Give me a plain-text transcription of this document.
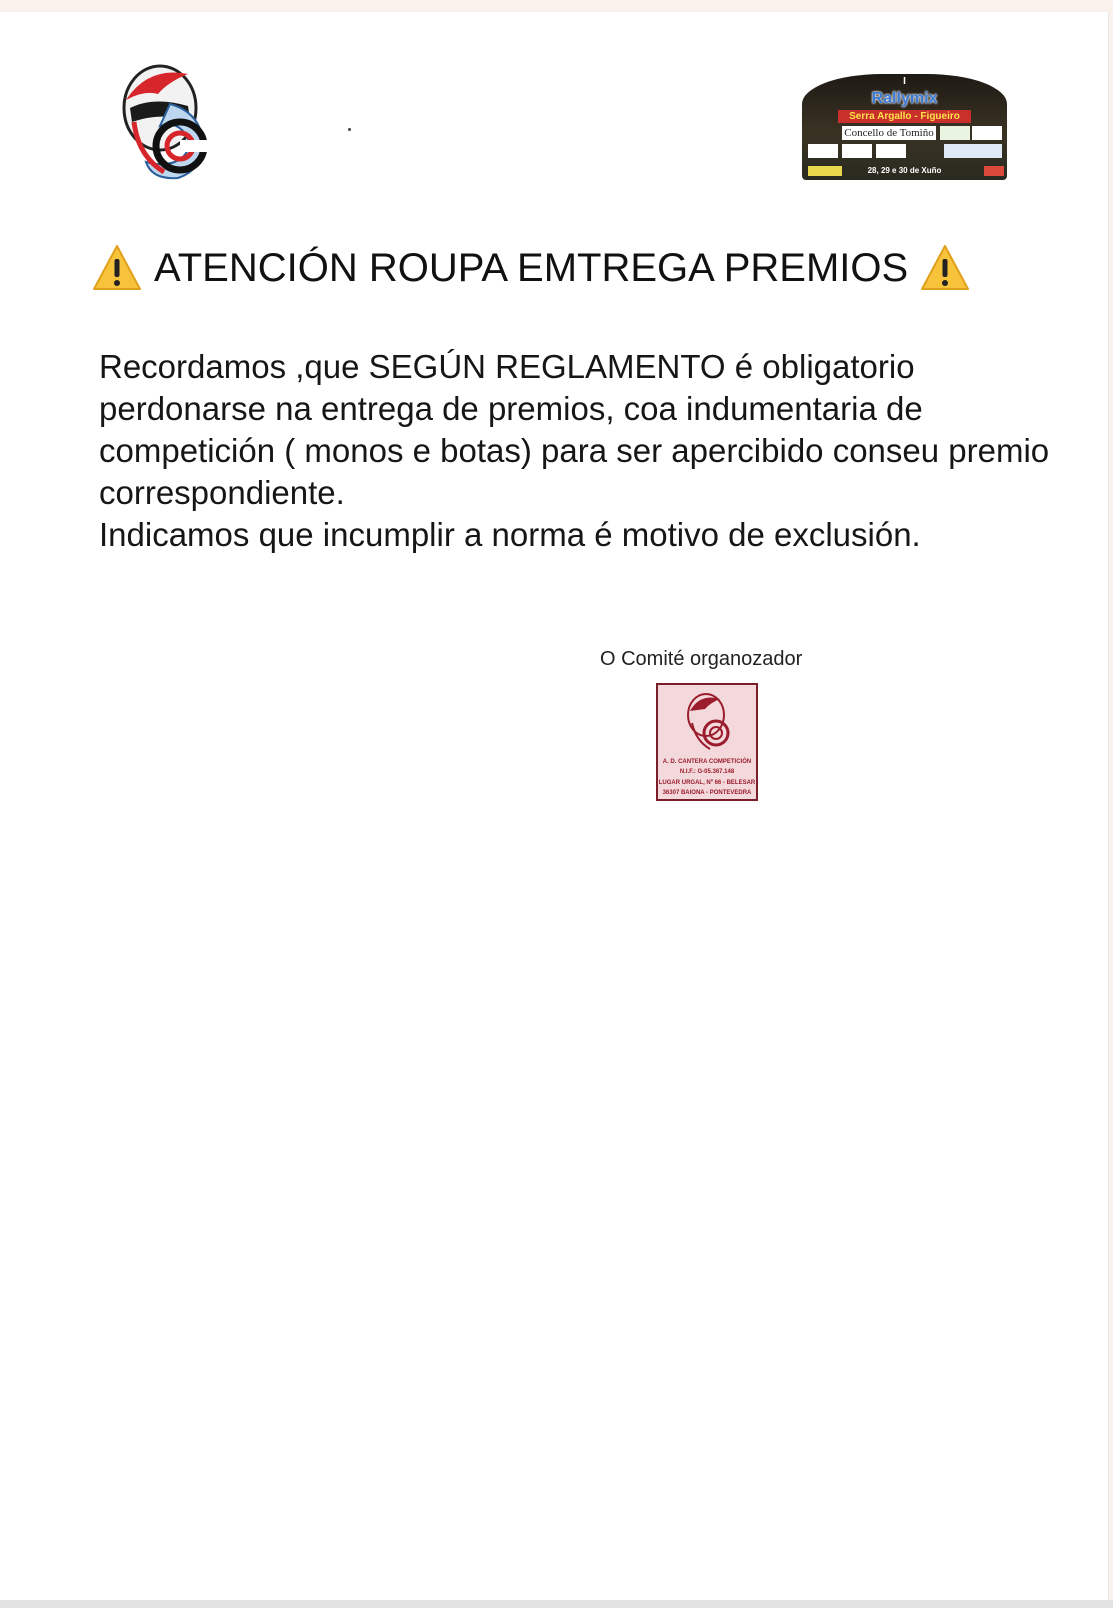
I
Rallymix
Serra Argallo - Figueiro
Concello de Tomiño
28, 29 e 30 de Xuño
ATENCIÓN ROUPA EMTREGA PREMIOS

Recordamos ,que SEGÚN REGLAMENTO é obligatorio perdonarse na entrega de premios, coa indumentaria de competición ( monos e botas) para ser apercibido conseu premio correspondiente.

Indicamos que incumplir a norma é motivo de exclusión.

O Comité organozador
A. D. CANTERA COMPETICIÓN
N.I.F.: G-05.367.148
LUGAR URGAL, Nº 66 - BELESAR
36307 BAIONA - PONTEVEDRA
